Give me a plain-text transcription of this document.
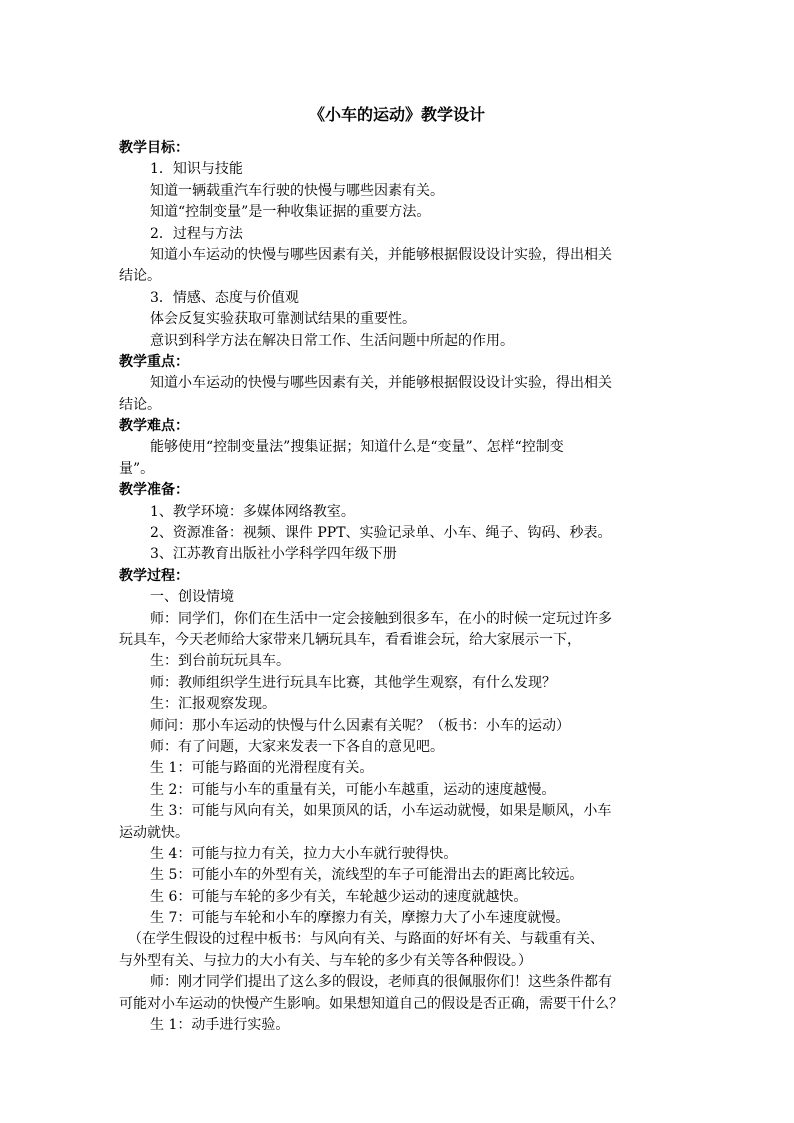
《小车的运动》教学设计
教学目标：
1．知识与技能
知道一辆载重汽车行驶的快慢与哪些因素有关。
知道“控制变量”是一种收集证据的重要方法。
2．过程与方法
知道小车运动的快慢与哪些因素有关，并能够根据假设设计实验，得出相关
结论。
3．情感、态度与价值观
体会反复实验获取可靠测试结果的重要性。
意识到科学方法在解决日常工作、生活问题中所起的作用。
教学重点：
知道小车运动的快慢与哪些因素有关，并能够根据假设设计实验，得出相关
结论。
教学难点：
能够使用“控制变量法”搜集证据；知道什么是“变量”、怎样“控制变
量”。
教学准备：
1、教学环境：多媒体网络教室。
2、资源准备：视频、课件 PPT、实验记录单、小车、绳子、钩码、秒表。
3、江苏教育出版社小学科学四年级下册
教学过程：
一、创设情境
师：同学们，你们在生活中一定会接触到很多车，在小的时候一定玩过许多
玩具车，今天老师给大家带来几辆玩具车，看看谁会玩，给大家展示一下，
生：到台前玩玩具车。
师：教师组织学生进行玩具车比赛，其他学生观察，有什么发现？
生：汇报观察发现。
师问：那小车运动的快慢与什么因素有关呢？（板书：小车的运动）
师：有了问题，大家来发表一下各自的意见吧。
生 1：可能与路面的光滑程度有关。
生 2：可能与小车的重量有关，可能小车越重，运动的速度越慢。
生 3：可能与风向有关，如果顶风的话，小车运动就慢，如果是顺风，小车
运动就快。
生 4：可能与拉力有关，拉力大小车就行驶得快。
生 5：可能小车的外型有关，流线型的车子可能滑出去的距离比较远。
生 6：可能与车轮的多少有关，车轮越少运动的速度就越快。
生 7：可能与车轮和小车的摩擦力有关，摩擦力大了小车速度就慢。
（在学生假设的过程中板书：与风向有关、与路面的好坏有关、与载重有关、
与外型有关、与拉力的大小有关、与车轮的多少有关等各种假设。）
师：刚才同学们提出了这么多的假设，老师真的很佩服你们！这些条件都有
可能对小车运动的快慢产生影响。如果想知道自己的假设是否正确，需要干什么？
生 1：动手进行实验。
